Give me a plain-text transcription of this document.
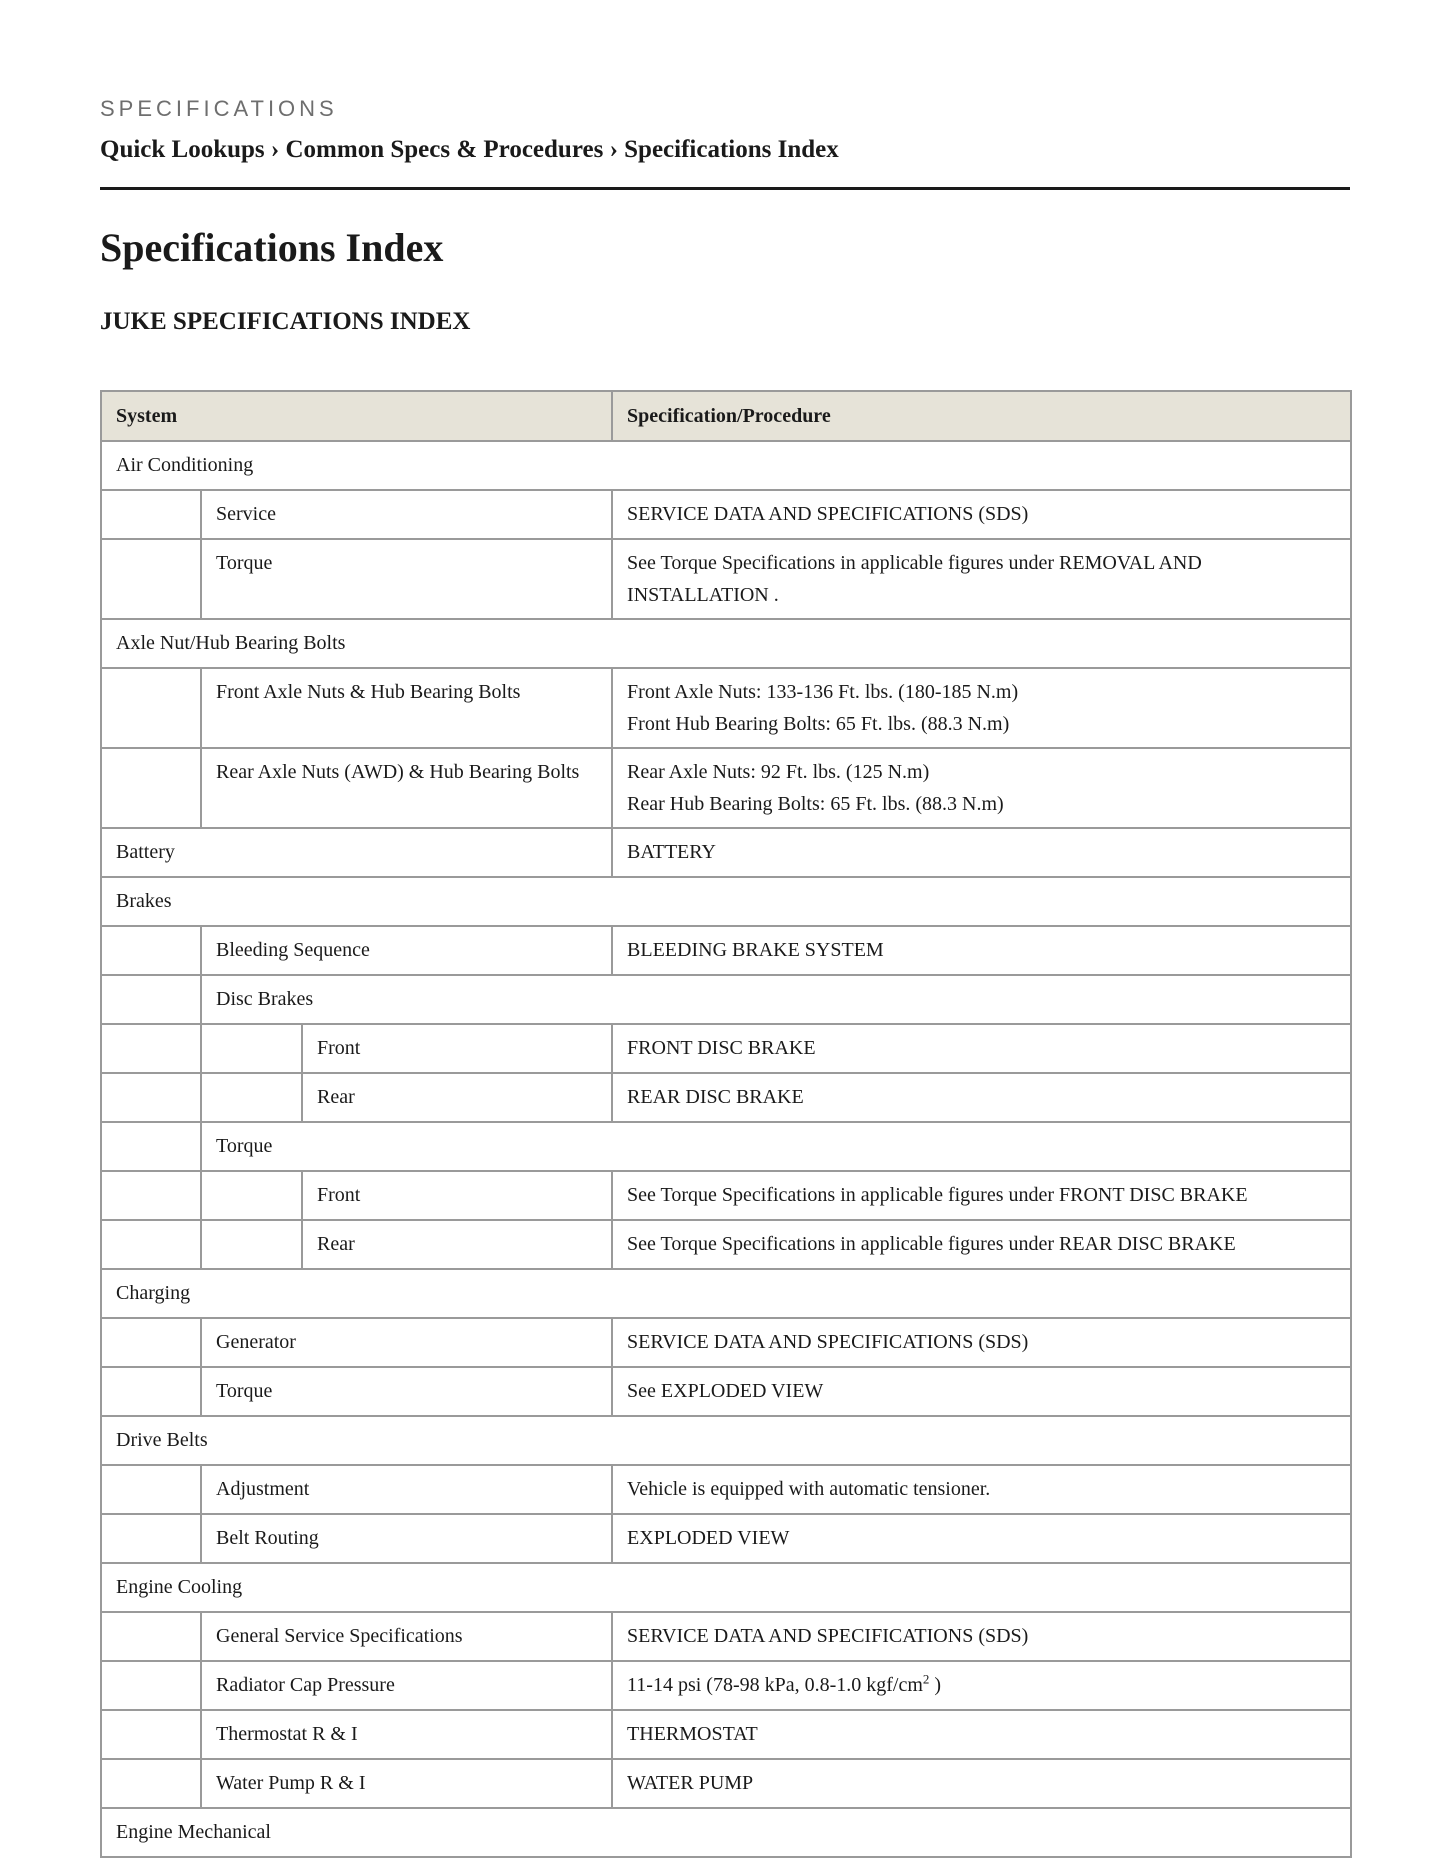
SPECIFICATIONS
Quick Lookups › Common Specs & Procedures › Specifications Index
Specifications Index
JUKE SPECIFICATIONS INDEX
System			Specification/Procedure
Air Conditioning			
	Service		SERVICE DATA AND SPECIFICATIONS (SDS)

	Torque		See Torque Specifications in applicable figures under REMOVAL AND INSTALLATION .

Axle Nut/Hub Bearing Bolts			
	Front Axle Nuts & Hub Bearing Bolts		Front Axle Nuts: 133-136 Ft. lbs. (180-185 N.m)
Front Hub Bearing Bolts: 65 Ft. lbs. (88.3 N.m)

	Rear Axle Nuts (AWD) & Hub Bearing Bolts		Rear Axle Nuts: 92 Ft. lbs. (125 N.m)
Rear Hub Bearing Bolts: 65 Ft. lbs. (88.3 N.m)

Battery			BATTERY

Brakes			
	Bleeding Sequence		BLEEDING BRAKE SYSTEM

	Disc Brakes		
		Front	FRONT DISC BRAKE

		Rear	REAR DISC BRAKE

	Torque		
		Front	See Torque Specifications in applicable figures under FRONT DISC BRAKE

		Rear	See Torque Specifications in applicable figures under REAR DISC BRAKE

Charging			
	Generator		SERVICE DATA AND SPECIFICATIONS (SDS)

	Torque		See EXPLODED VIEW

Drive Belts			
	Adjustment		Vehicle is equipped with automatic tensioner.

	Belt Routing		EXPLODED VIEW

Engine Cooling			
	General Service Specifications		SERVICE DATA AND SPECIFICATIONS (SDS)

	Radiator Cap Pressure		11-14 psi (78-98 kPa, 0.8-1.0 kgf/$cm^2$ )

	Thermostat R & I		THERMOSTAT

	Water Pump R & I		WATER PUMP

Engine Mechanical			
